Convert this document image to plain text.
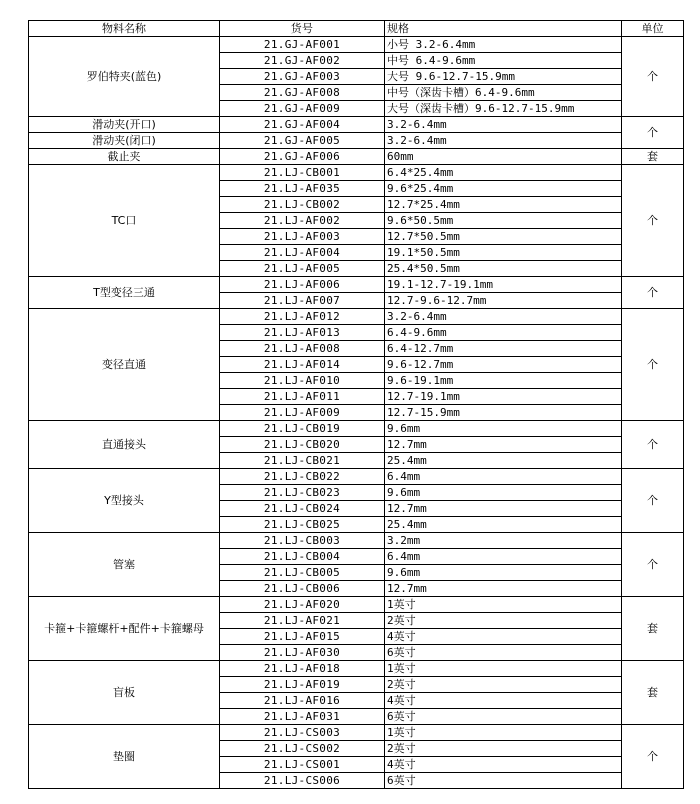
物料名称	货号	规格	单位
罗伯特夹(蓝色)	21.GJ-AF001	小号 3.2-6.4mm	个
	21.GJ-AF002	中号 6.4-9.6mm	
	21.GJ-AF003	大号 9.6-12.7-15.9mm	
	21.GJ-AF008	中号（深齿卡槽）6.4-9.6mm	
	21.GJ-AF009	大号（深齿卡槽）9.6-12.7-15.9mm	
滑动夹(开口)	21.GJ-AF004	3.2-6.4mm	个
滑动夹(闭口)	21.GJ-AF005	3.2-6.4mm	
截止夹	21.GJ-AF006	60mm	套
TC口	21.LJ-CB001	6.4*25.4mm	个
	21.LJ-AF035	9.6*25.4mm	
	21.LJ-CB002	12.7*25.4mm	
	21.LJ-AF002	9.6*50.5mm	
	21.LJ-AF003	12.7*50.5mm	
	21.LJ-AF004	19.1*50.5mm	
	21.LJ-AF005	25.4*50.5mm	
T型变径三通	21.LJ-AF006	19.1-12.7-19.1mm	个
	21.LJ-AF007	12.7-9.6-12.7mm	
变径直通	21.LJ-AF012	3.2-6.4mm	个
	21.LJ-AF013	6.4-9.6mm	
	21.LJ-AF008	6.4-12.7mm	
	21.LJ-AF014	9.6-12.7mm	
	21.LJ-AF010	9.6-19.1mm	
	21.LJ-AF011	12.7-19.1mm	
	21.LJ-AF009	12.7-15.9mm	
直通接头	21.LJ-CB019	9.6mm	个
	21.LJ-CB020	12.7mm	
	21.LJ-CB021	25.4mm	
Y型接头	21.LJ-CB022	6.4mm	个
	21.LJ-CB023	9.6mm	
	21.LJ-CB024	12.7mm	
	21.LJ-CB025	25.4mm	
管塞	21.LJ-CB003	3.2mm	个
	21.LJ-CB004	6.4mm	
	21.LJ-CB005	9.6mm	
	21.LJ-CB006	12.7mm	
卡箍+卡箍螺杆+配件+卡箍螺母	21.LJ-AF020	1英寸	套
	21.LJ-AF021	2英寸	
	21.LJ-AF015	4英寸	
	21.LJ-AF030	6英寸	
盲板	21.LJ-AF018	1英寸	套
	21.LJ-AF019	2英寸	
	21.LJ-AF016	4英寸	
	21.LJ-AF031	6英寸	
垫圈	21.LJ-CS003	1英寸	个
	21.LJ-CS002	2英寸	
	21.LJ-CS001	4英寸	
	21.LJ-CS006	6英寸	
